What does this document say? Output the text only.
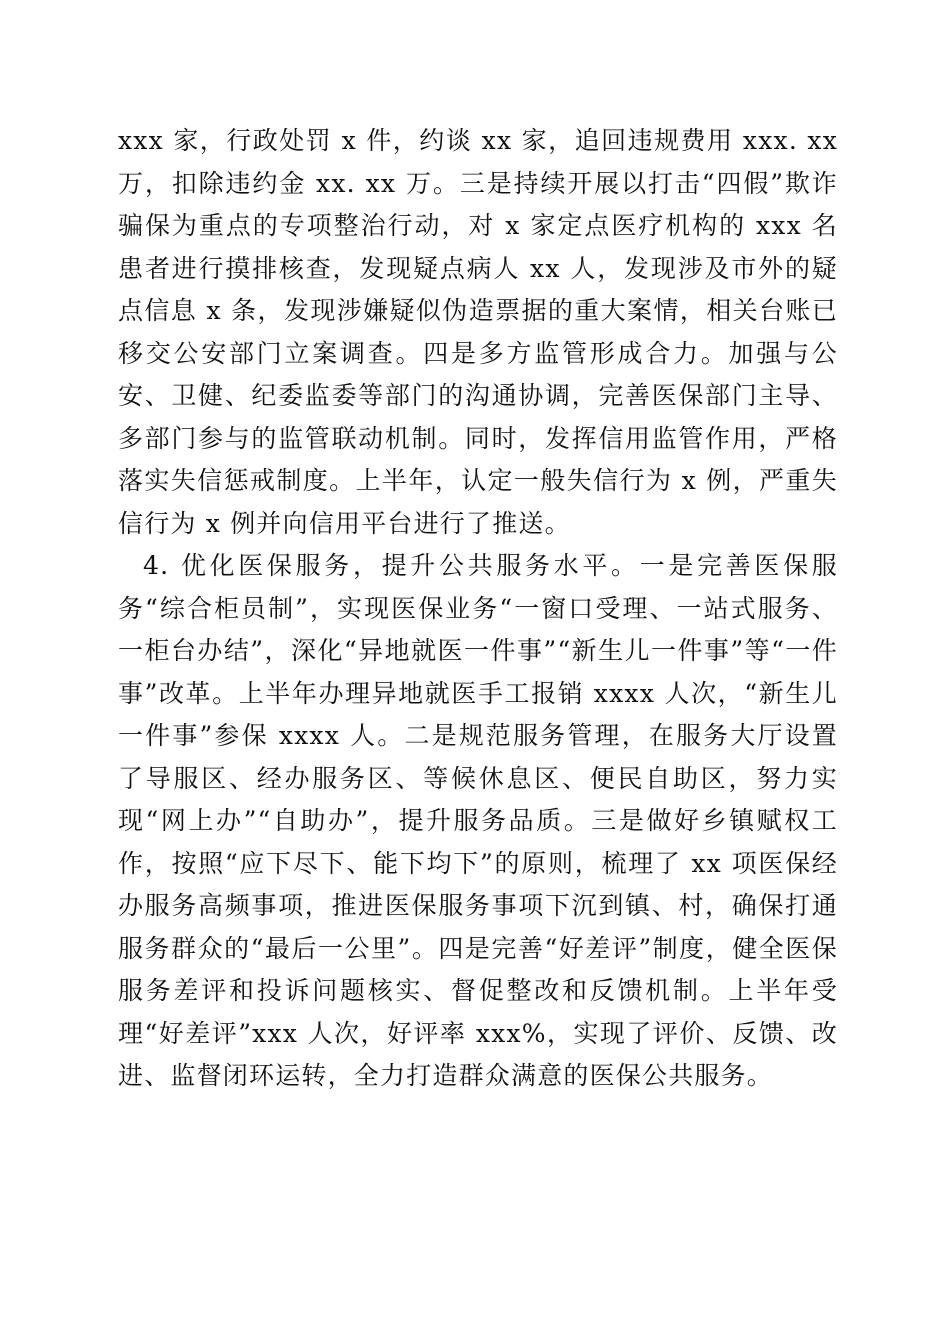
xxx 家，行政处罚 x 件，约谈 xx 家，追回违规费用 xxx. xx 万，扣除违约金 xx. xx 万。三是持续开展以打击“四假”欺诈骗保为重点的专项整治行动，对 x 家定点医疗机构的 xxx 名患者进行摸排核查，发现疑点病人 xx 人，发现涉及市外的疑点信息 x 条，发现涉嫌疑似伪造票据的重大案情，相关台账已移交公安部门立案调查。四是多方监管形成合力。加强与公安、卫健、纪委监委等部门的沟通协调，完善医保部门主导、多部门参与的监管联动机制。同时，发挥信用监管作用，严格落实失信惩戒制度。上半年，认定一般失信行为 x 例，严重失信行为 x 例并向信用平台进行了推送。

4. 优化医保服务，提升公共服务水平。一是完善医保服务“综合柜员制”，实现医保业务“一窗口受理、一站式服务、一柜台办结”，深化“异地就医一件事”“新生儿一件事”等“一件事”改革。上半年办理异地就医手工报销 xxxx 人次，“新生儿一件事”参保 xxxx 人。二是规范服务管理，在服务大厅设置了导服区、经办服务区、等候休息区、便民自助区，努力实现“网上办”“自助办”，提升服务品质。三是做好乡镇赋权工作，按照“应下尽下、能下均下”的原则，梳理了 xx 项医保经办服务高频事项，推进医保服务事项下沉到镇、村，确保打通服务群众的“最后一公里”。四是完善“好差评”制度，健全医保服务差评和投诉问题核实、督促整改和反馈机制。上半年受理“好差评”xxx 人次，好评率 xxx%，实现了评价、反馈、改进、监督闭环运转，全力打造群众满意的医保公共服务。
